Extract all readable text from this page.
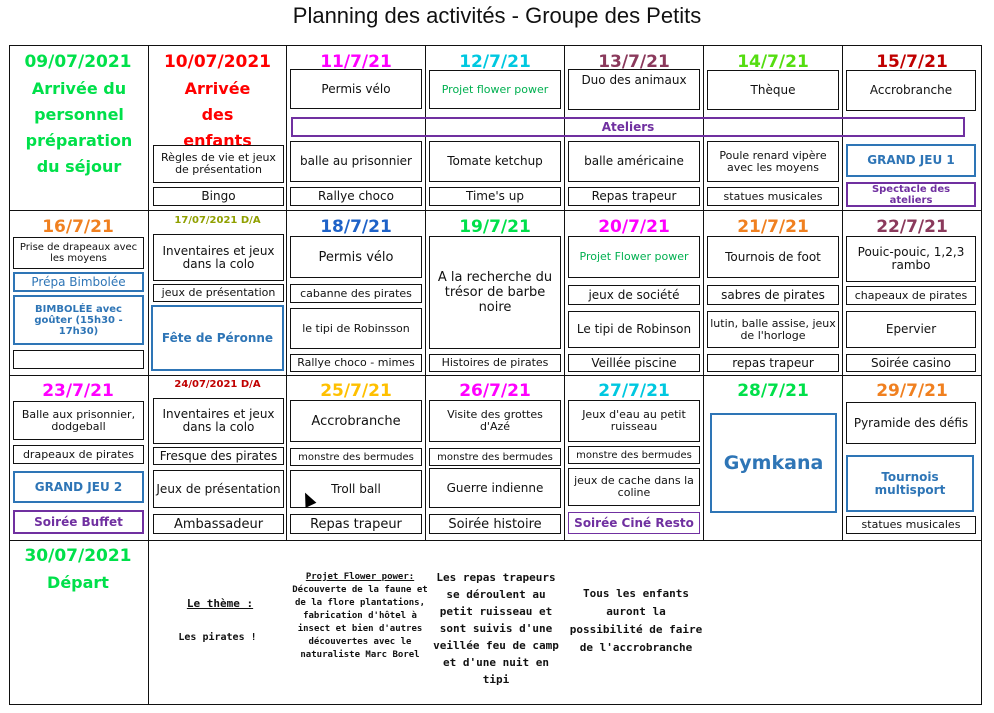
Planning des activités - Groupe des Petits
09/07/2021
Arrivée du personnel préparation du séjour
10/07/2021
Arrivée des enfants
Règles de vie et jeux de présentation
Bingo
11/7/21
Permis vélo
balle au prisonnier
Rallye choco
12/7/21
Projet flower power
Tomate ketchup
Time's up
13/7/21
Duo des animaux
balle américaine
Repas trapeur
14/7/21
Thèque
Poule renard vipère avec les moyens
statues musicales
15/7/21
Accrobranche
GRAND JEU 1
Spectacle des ateliers
Ateliers
16/7/21
Prise de drapeaux avec les moyens
Prépa Bimbolée
BIMBOLÉE avec goûter (15h30 - 17h30)
17/07/2021 D/A
Inventaires et jeux dans la colo
jeux de présentation
Fête de Péronne
18/7/21
Permis vélo
cabanne des pirates
le tipi de Robinsson
Rallye choco - mimes
19/7/21
A la recherche du trésor de barbe noire
Histoires de pirates
20/7/21
Projet Flower power
jeux de société
Le tipi de Robinson
Veillée piscine
21/7/21
Tournois de foot
sabres de pirates
lutin, balle assise, jeux de l'horloge
repas trapeur
22/7/21
Pouic-pouic, 1,2,3 rambo
chapeaux de pirates
Epervier
Soirée casino
23/7/21
Balle aux prisonnier, dodgeball
drapeaux de pirates
GRAND JEU 2
Soirée Buffet
24/07/2021 D/A
Inventaires et jeux dans la colo
Fresque des pirates
Jeux de présentation
Ambassadeur
25/7/21
Accrobranche
monstre des bermudes
Troll ball
Repas trapeur
26/7/21
Visite des grottes d'Azé
monstre des bermudes
Guerre indienne
Soirée histoire
27/7/21
Jeux d'eau au petit ruisseau
monstre des bermudes
jeux de cache dans la coline
Soirée Ciné Resto
28/7/21
Gymkana
29/7/21
Pyramide des défis
Tournois multisport
statues musicales
30/07/2021
Départ
Le thème :
Les pirates !
Projet Flower power:
Découverte de la faune et de la flore plantations, fabrication d'hôtel à insect et bien d'autres découvertes avec le naturaliste Marc Borel
Les repas trapeurs se déroulent au petit ruisseau et sont suivis d'une veillée feu de camp et d'une nuit en tipi
Tous les enfants auront la possibilité de faire de l'accrobranche
